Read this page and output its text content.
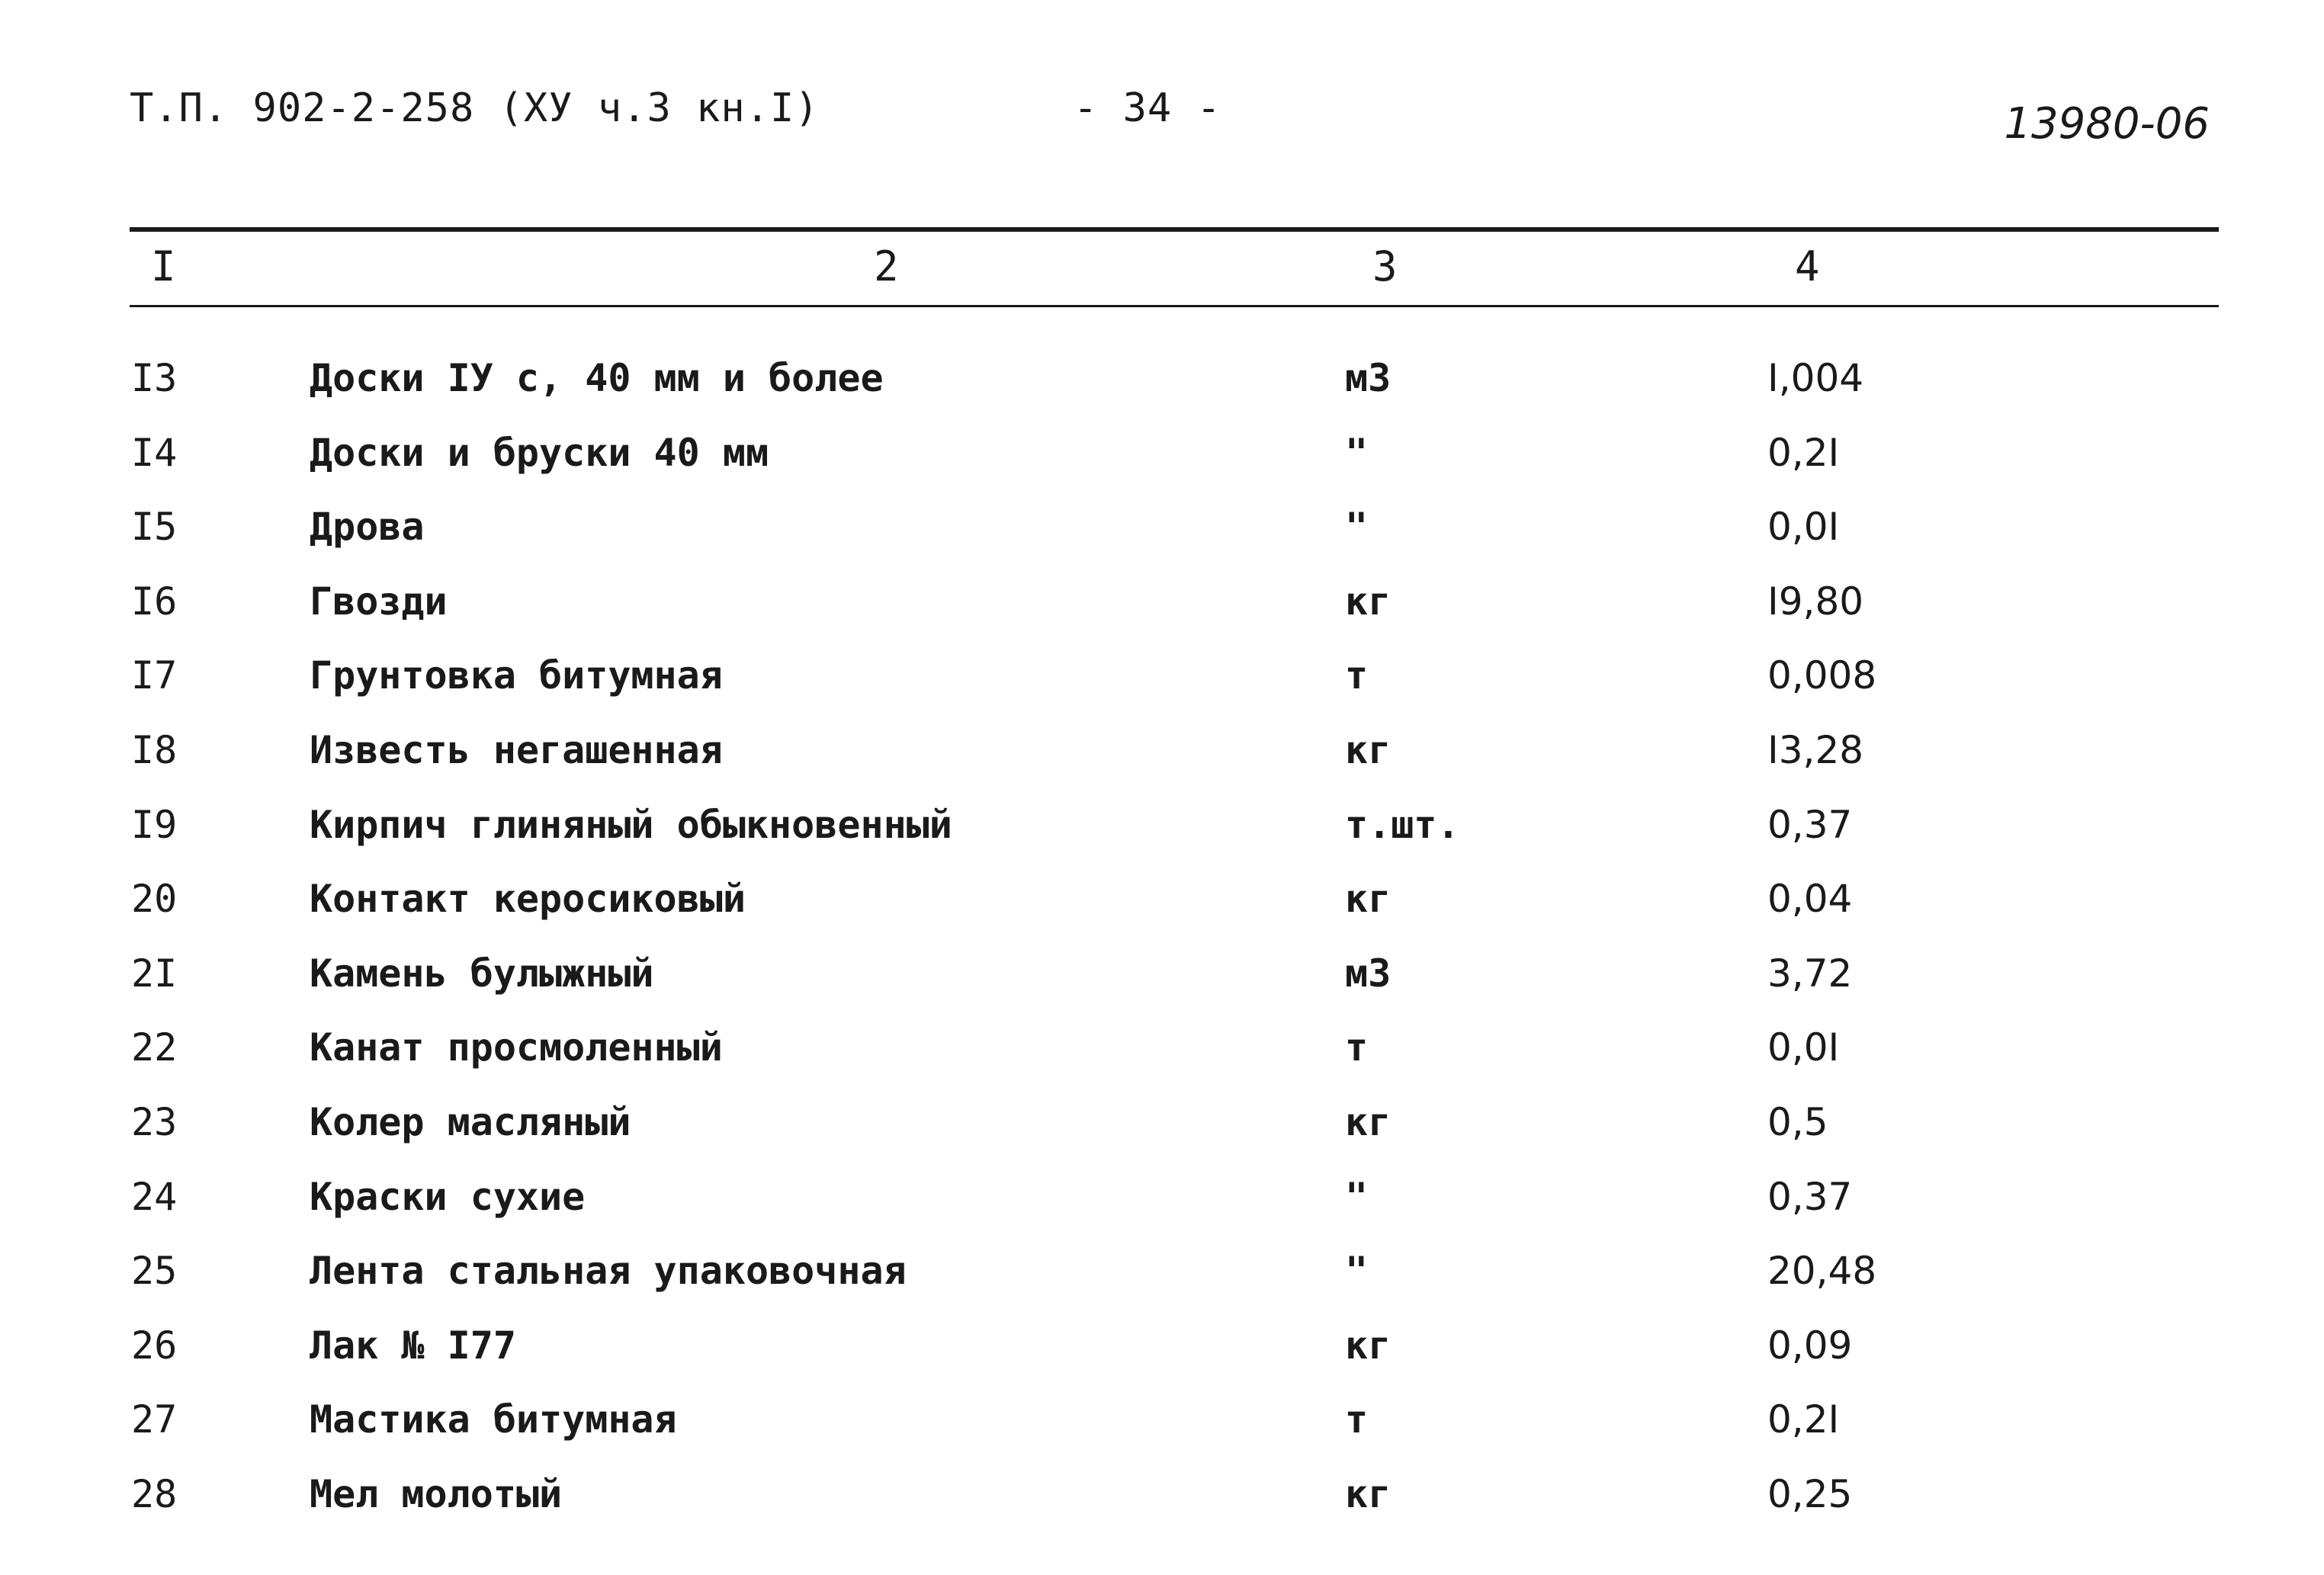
Т.П. 902-2-258 (ХУ ч.3 кн.I)	- 34 -	13980-06
I	2	3	4
I3	Доски IУ с, 40 мм и более	м3	I,004
I4	Доски и бруски 40 мм	"	0,2I
I5	Дрова	"	0,0I
I6	Гвозди	кг	I9,80
I7	Грунтовка битумная	т	0,008
I8	Известь негашенная	кг	I3,28
I9	Кирпич глиняный обыкновенный	т.шт.	0,37
20	Контакт керосиковый	кг	0,04
2I	Камень булыжный	м3	3,72
22	Канат просмоленный	т	0,0I
23	Колер масляный	кг	0,5
24	Краски сухие	"	0,37
25	Лента стальная упаковочная	"	20,48
26	Лак № I77	кг	0,09
27	Мастика битумная	т	0,2I
28	Мел молотый	кг	0,25
